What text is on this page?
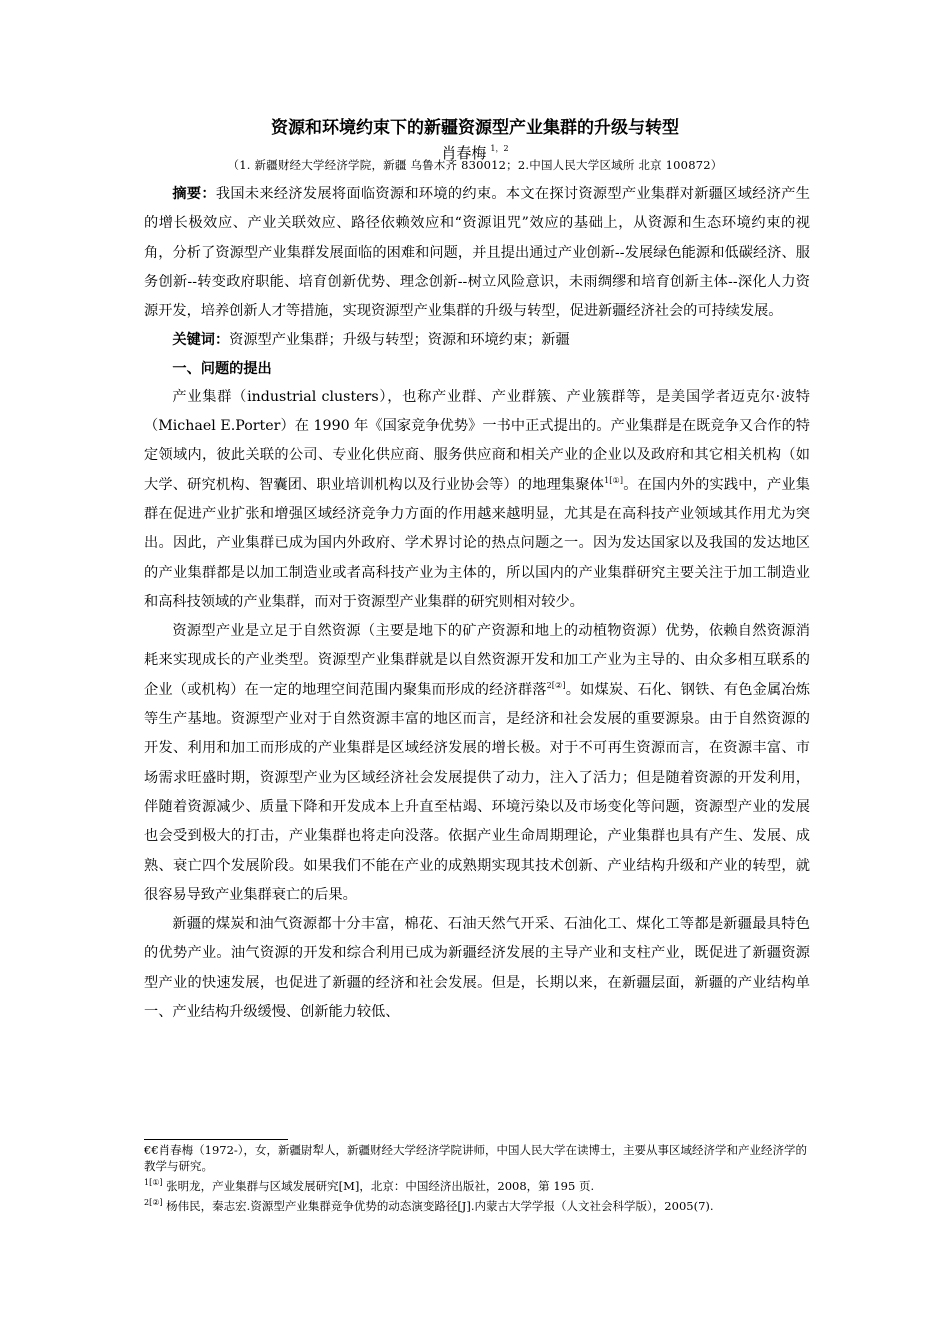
资源和环境约束下的新疆资源型产业集群的升级与转型
肖春梅 $^{1,2}$
（1. 新疆财经大学经济学院，新疆 乌鲁木齐 830012；2.中国人民大学区域所 北京 100872）

摘要：我国未来经济发展将面临资源和环境的约束。本文在探讨资源型产业集群对新疆区域经济产生的增长极效应、产业关联效应、路径依赖效应和“资源诅咒”效应的基础上，从资源和生态环境约束的视角，分析了资源型产业集群发展面临的困难和问题，并且提出通过产业创新--发展绿色能源和低碳经济、服务创新--转变政府职能、培育创新优势、理念创新--树立风险意识，未雨绸缪和培育创新主体--深化人力资源开发，培养创新人才等措施，实现资源型产业集群的升级与转型，促进新疆经济社会的可持续发展。

关键词：资源型产业集群；升级与转型；资源和环境约束；新疆

一、问题的提出

产业集群（industrial clusters），也称产业群、产业群簇、产业簇群等，是美国学者迈克尔·波特（Michael E.Porter）在 1990 年《国家竞争优势》一书中正式提出的。产业集群是在既竞争又合作的特定领域内，彼此关联的公司、专业化供应商、服务供应商和相关产业的企业以及政府和其它相关机构（如大学、研究机构、智囊团、职业培训机构以及行业协会等）的地理集聚体$^{1[①]}$。在国内外的实践中，产业集群在促进产业扩张和增强区域经济竞争力方面的作用越来越明显，尤其是在高科技产业领域其作用尤为突出。因此，产业集群已成为国内外政府、学术界讨论的热点问题之一。因为发达国家以及我国的发达地区的产业集群都是以加工制造业或者高科技产业为主体的，所以国内的产业集群研究主要关注于加工制造业和高科技领域的产业集群，而对于资源型产业集群的研究则相对较少。

资源型产业是立足于自然资源（主要是地下的矿产资源和地上的动植物资源）优势，依赖自然资源消耗来实现成长的产业类型。资源型产业集群就是以自然资源开发和加工产业为主导的、由众多相互联系的企业（或机构）在一定的地理空间范围内聚集而形成的经济群落$^{2[②]}$。如煤炭、石化、钢铁、有色金属冶炼等生产基地。资源型产业对于自然资源丰富的地区而言，是经济和社会发展的重要源泉。由于自然资源的开发、利用和加工而形成的产业集群是区域经济发展的增长极。对于不可再生资源而言，在资源丰富、市场需求旺盛时期，资源型产业为区域经济社会发展提供了动力，注入了活力；但是随着资源的开发利用，伴随着资源减少、质量下降和开发成本上升直至枯竭、环境污染以及市场变化等问题，资源型产业的发展也会受到极大的打击，产业集群也将走向没落。依据产业生命周期理论，产业集群也具有产生、发展、成熟、衰亡四个发展阶段。如果我们不能在产业的成熟期实现其技术创新、产业结构升级和产业的转型，就很容易导致产业集群衰亡的后果。

新疆的煤炭和油气资源都十分丰富，棉花、石油天然气开采、石油化工、煤化工等都是新疆最具特色的优势产业。油气资源的开发和综合利用已成为新疆经济发展的主导产业和支柱产业，既促进了新疆资源型产业的快速发展，也促进了新疆的经济和社会发展。但是，长期以来，在新疆层面，新疆的产业结构单一、产业结构升级缓慢、创新能力较低、

€€肖春梅（1972-），女，新疆尉犁人，新疆财经大学经济学院讲师，中国人民大学在读博士，主要从事区域经济学和产业经济学的教学与研究。
$^{1[①]}$ 张明龙，产业集群与区域发展研究[M]，北京：中国经济出版社，2008，第 195 页.
$^{2[②]}$ 杨伟民，秦志宏.资源型产业集群竞争优势的动态演变路径[J].内蒙古大学学报（人文社会科学版），2005(7).
